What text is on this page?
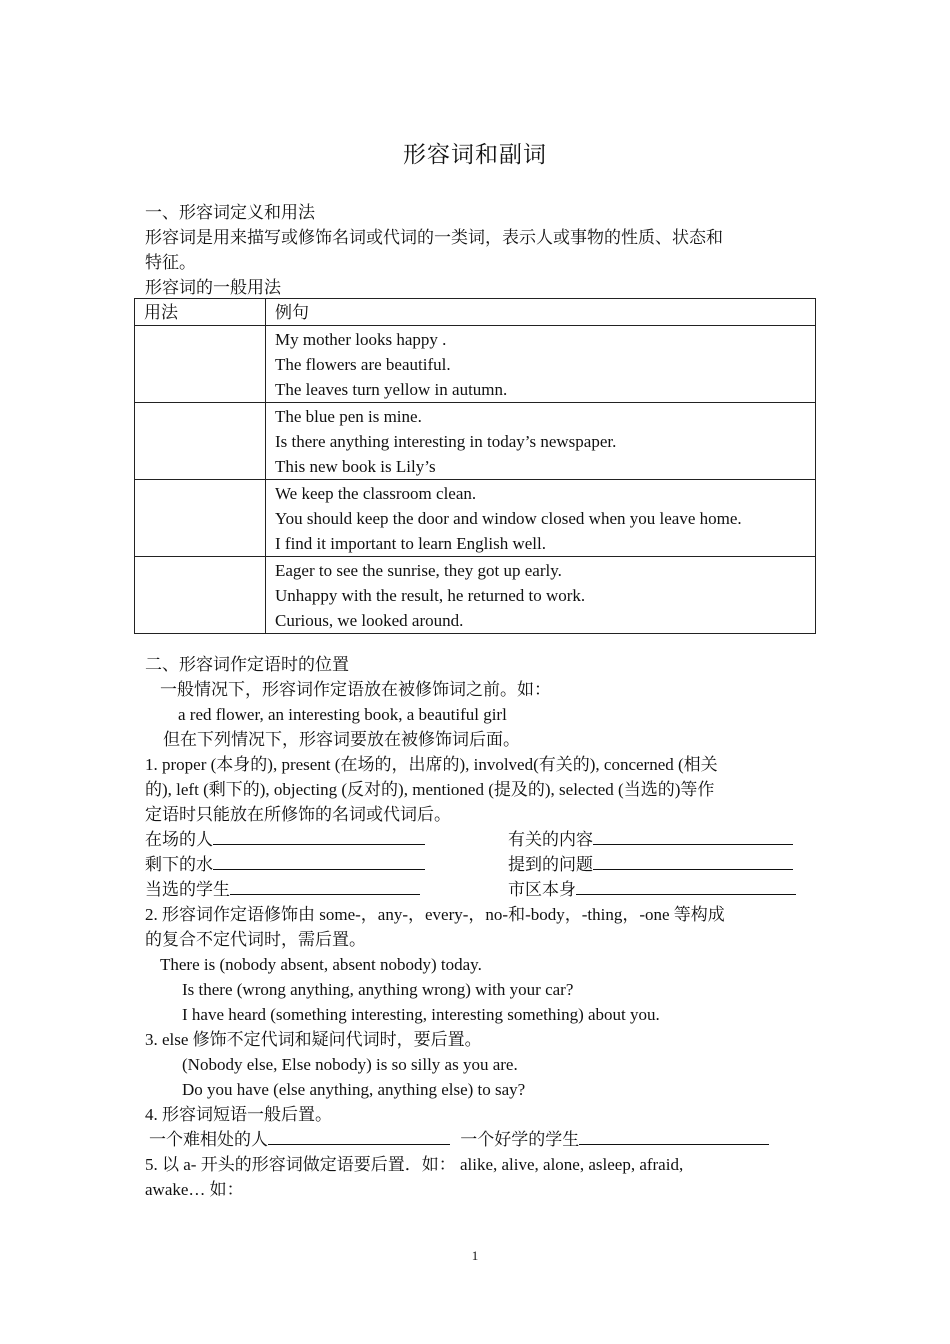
形容词和副词
一、形容词定义和用法
形容词是用来描写或修饰名词或代词的一类词，表示人或事物的性质、状态和
特征。
形容词的一般用法
用法	例句

	My mother looks happy .
The flowers are beautiful.
The leaves turn yellow in autumn.

	The blue pen is mine.
Is there anything interesting in today’s newspaper.
This new book is Lily’s

	We keep the classroom clean.
You should keep the door and window closed when you leave home.
I find it important to learn English well.

	Eager to see the sunrise, they got up early.
Unhappy with the result, he returned to work.
Curious, we looked around.
二、形容词作定语时的位置
一般情况下，形容词作定语放在被修饰词之前。如：
a red flower, an interesting book, a beautiful girl
但在下列情况下，形容词要放在被修饰词后面。
1. proper (本身的), present (在场的，出席的), involved(有关的), concerned (相关
的), left (剩下的), objecting (反对的), mentioned (提及的), selected (当选的)等作
定语时只能放在所修饰的名词或代词后。
在场的人	有关的内容
剩下的水	提到的问题
当选的学生	市区本身
2. 形容词作定语修饰由 some-，any-，every-，no-和-body，-thing，-one 等构成
的复合不定代词时，需后置。
There is (nobody absent, absent nobody) today.
Is there (wrong anything, anything wrong) with your car?
I have heard (something interesting, interesting something) about you.
3. else 修饰不定代词和疑问代词时，要后置。
(Nobody else, Else nobody) is so silly as you are.
Do you have (else anything, anything else) to say?
4. 形容词短语一般后置。
一个难相处的人	一个好学的学生
5. 以 a- 开头的形容词做定语要后置．如： alike, alive, alone, asleep, afraid,
awake… 如：
1
